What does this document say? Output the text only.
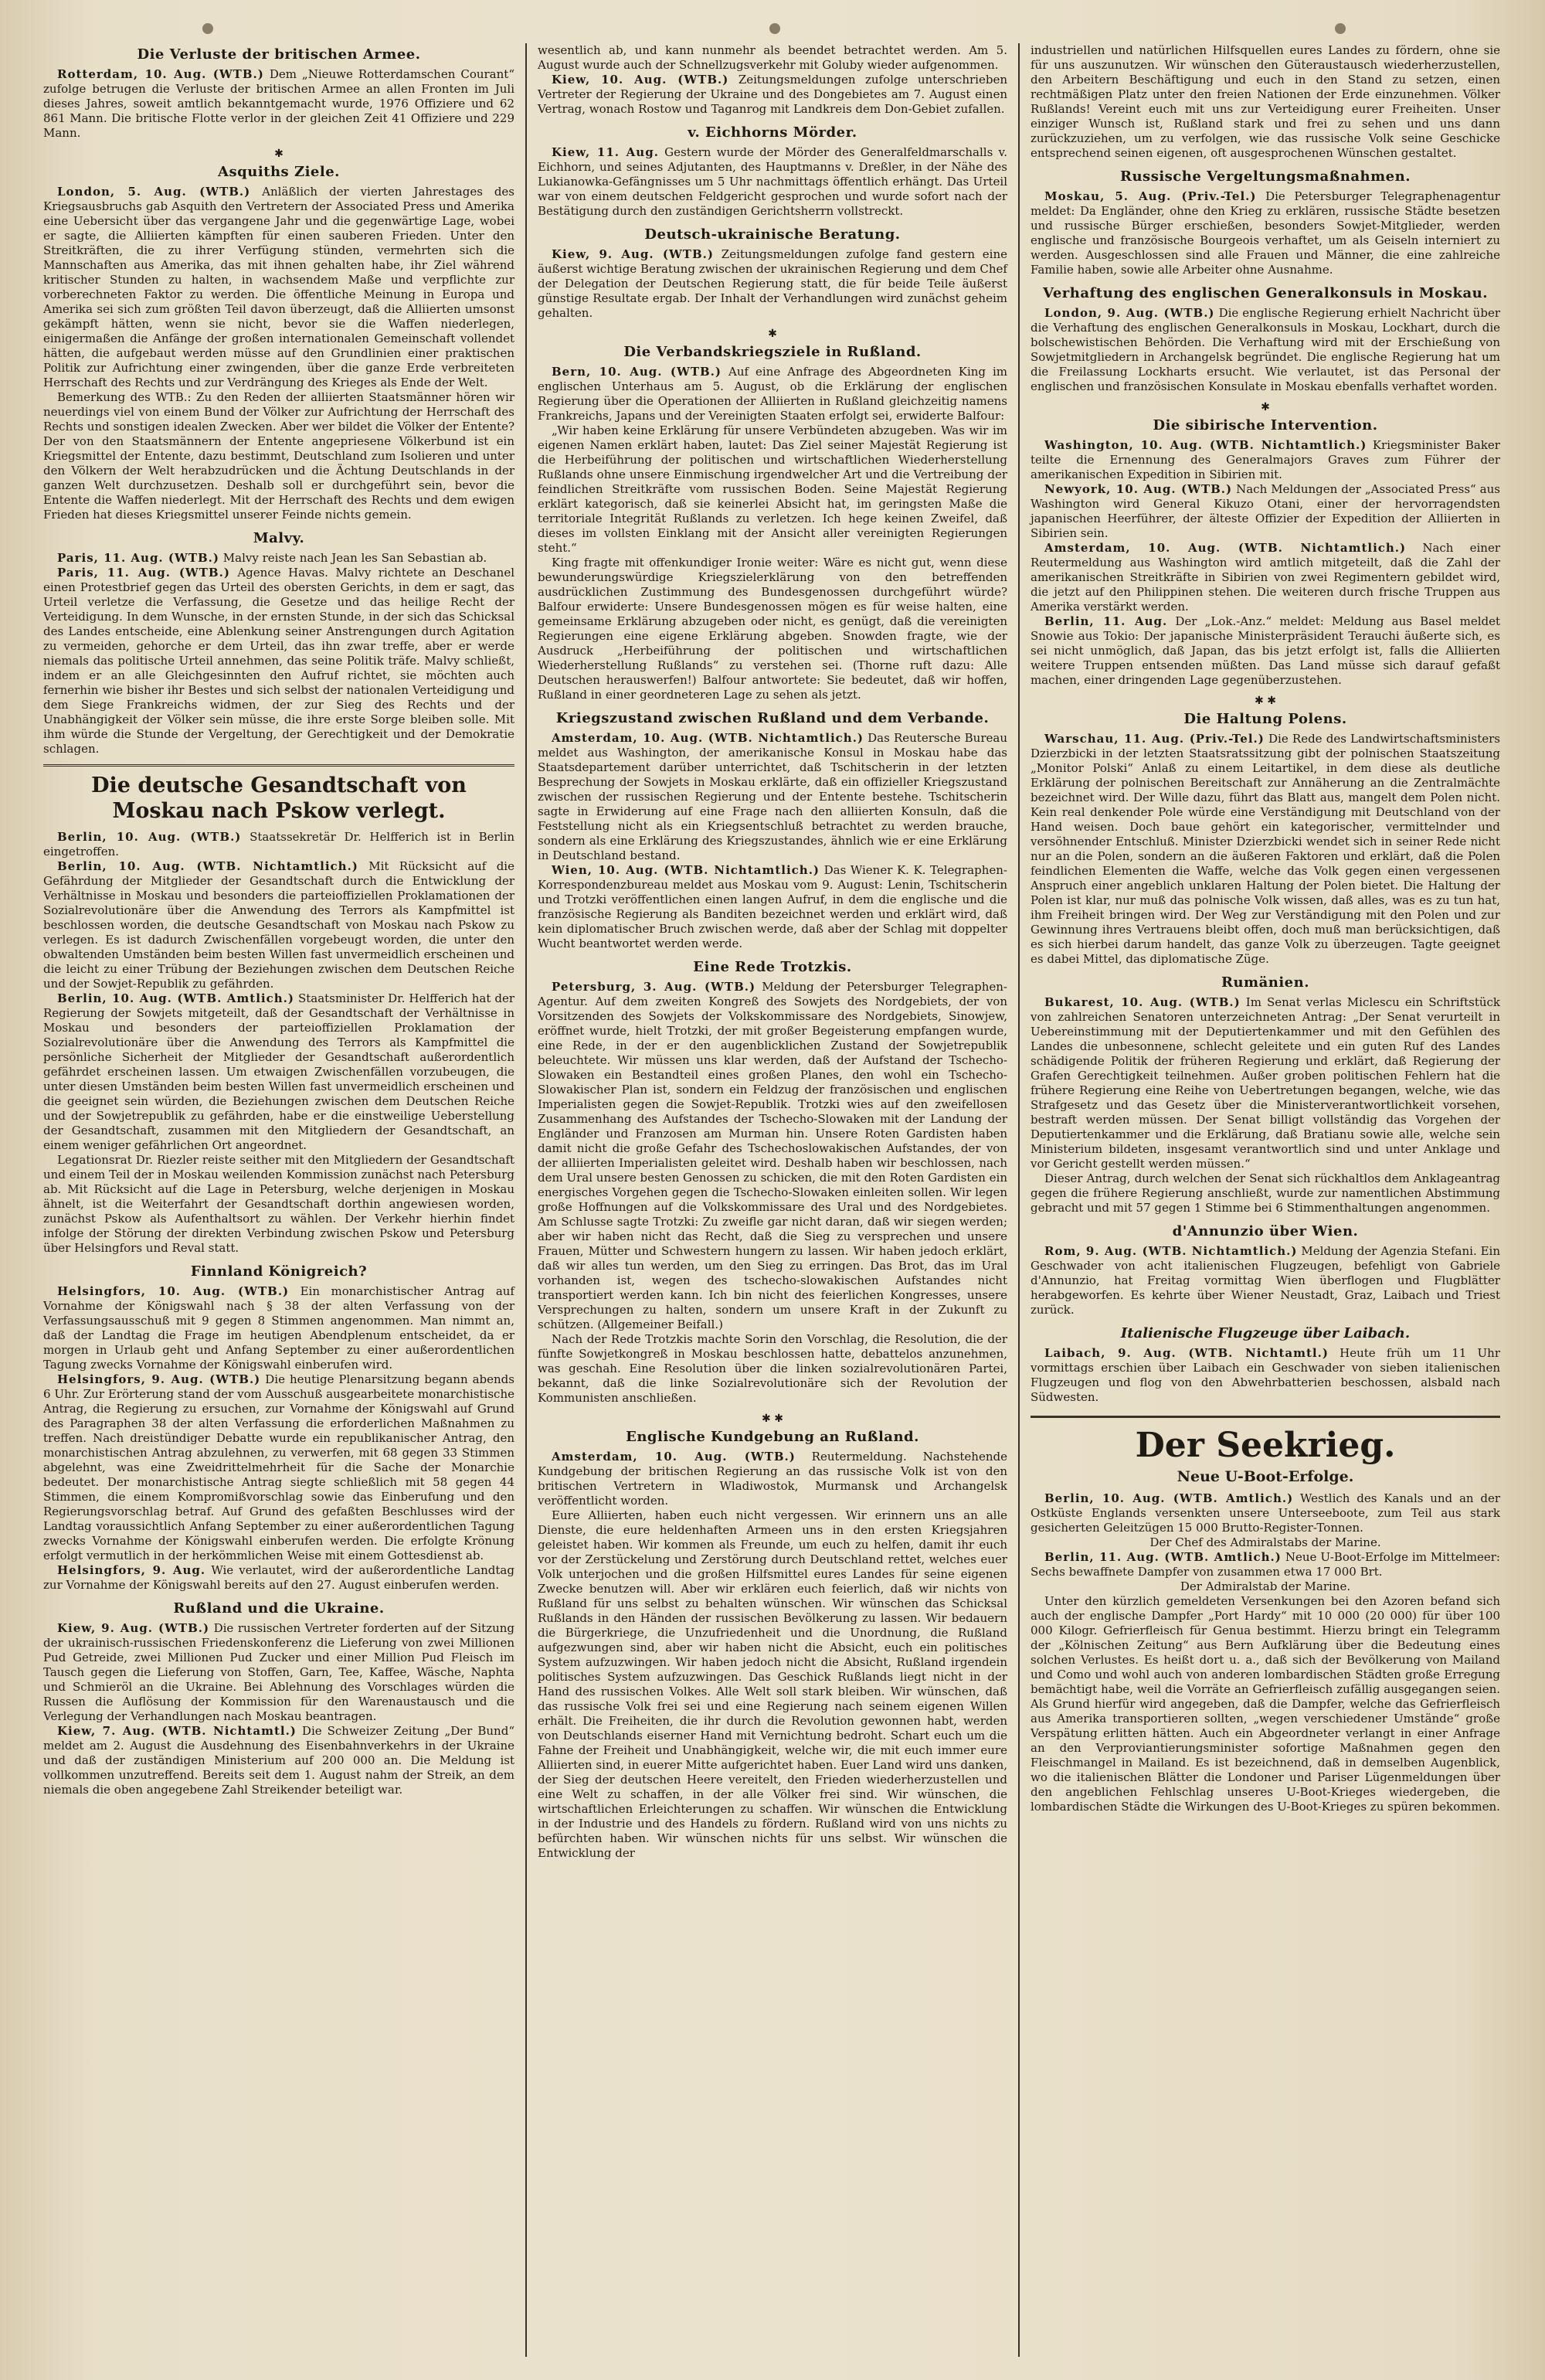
Die Verluste der britischen Armee.

Rotterdam, 10. Aug. (WTB.) Dem „Nieuwe Rotterdamschen Courant“ zufolge betrugen die Verluste der britischen Armee an allen Fronten im Juli dieses Jahres, soweit amtlich bekanntgemacht wurde, 1976 Offiziere und 62 861 Mann. Die britische Flotte verlor in der gleichen Zeit 41 Offiziere und 229 Mann.

✱
Asquiths Ziele.

London, 5. Aug. (WTB.) Anläßlich der vierten Jahrestages des Kriegsausbruchs gab Asquith den Vertretern der Associated Press und Amerika eine Uebersicht über das vergangene Jahr und die gegenwärtige Lage, wobei er sagte, die Alliierten kämpften für einen sauberen Frieden. Unter den Streitkräften, die zu ihrer Verfügung stünden, vermehrten sich die Mannschaften aus Amerika, das mit ihnen gehalten habe, ihr Ziel während kritischer Stunden zu halten, in wachsendem Maße und verpflichte zur vorberechneten Faktor zu werden. Die öffentliche Meinung in Europa und Amerika sei sich zum größten Teil davon überzeugt, daß die Alliierten umsonst gekämpft hätten, wenn sie nicht, bevor sie die Waffen niederlegen, einigermaßen die Anfänge der großen internationalen Gemeinschaft vollendet hätten, die aufgebaut werden müsse auf den Grundlinien einer praktischen Politik zur Aufrichtung einer zwingenden, über die ganze Erde verbreiteten Herrschaft des Rechts und zur Verdrängung des Krieges als Ende der Welt.

Bemerkung des WTB.: Zu den Reden der alliierten Staatsmänner hören wir neuerdings viel von einem Bund der Völker zur Aufrichtung der Herrschaft des Rechts und sonstigen idealen Zwecken. Aber wer bildet die Völker der Entente? Der von den Staatsmännern der Entente angepriesene Völkerbund ist ein Kriegsmittel der Entente, dazu bestimmt, Deutschland zum Isolieren und unter den Völkern der Welt herabzudrücken und die Ächtung Deutschlands in der ganzen Welt durchzusetzen. Deshalb soll er durchgeführt sein, bevor die Entente die Waffen niederlegt. Mit der Herrschaft des Rechts und dem ewigen Frieden hat dieses Kriegsmittel unserer Feinde nichts gemein.

Malvy.

Paris, 11. Aug. (WTB.) Malvy reiste nach Jean les San Sebastian ab.

Paris, 11. Aug. (WTB.) Agence Havas. Malvy richtete an Deschanel einen Protestbrief gegen das Urteil des obersten Gerichts, in dem er sagt, das Urteil verletze die Verfassung, die Gesetze und das heilige Recht der Verteidigung. In dem Wunsche, in der ernsten Stunde, in der sich das Schicksal des Landes entscheide, eine Ablenkung seiner Anstrengungen durch Agitation zu vermeiden, gehorche er dem Urteil, das ihn zwar treffe, aber er werde niemals das politische Urteil annehmen, das seine Politik träfe. Malvy schließt, indem er an alle Gleichgesinnten den Aufruf richtet, sie möchten auch fernerhin wie bisher ihr Bestes und sich selbst der nationalen Verteidigung und dem Siege Frankreichs widmen, der zur Sieg des Rechts und der Unabhängigkeit der Völker sein müsse, die ihre erste Sorge bleiben solle. Mit ihm würde die Stunde der Vergeltung, der Gerechtigkeit und der Demokratie schlagen.

Die deutsche Gesandtschaft von Moskau nach Pskow verlegt.

Berlin, 10. Aug. (WTB.) Staatssekretär Dr. Helfferich ist in Berlin eingetroffen.

Berlin, 10. Aug. (WTB. Nichtamtlich.) Mit Rücksicht auf die Gefährdung der Mitglieder der Gesandtschaft durch die Entwicklung der Verhältnisse in Moskau und besonders die parteioffiziellen Proklamationen der Sozialrevolutionäre über die Anwendung des Terrors als Kampfmittel ist beschlossen worden, die deutsche Gesandtschaft von Moskau nach Pskow zu verlegen. Es ist dadurch Zwischenfällen vorgebeugt worden, die unter den obwaltenden Umständen beim besten Willen fast unvermeidlich erscheinen und die leicht zu einer Trübung der Beziehungen zwischen dem Deutschen Reiche und der Sowjet-Republik zu gefährden.

Berlin, 10. Aug. (WTB. Amtlich.) Staatsminister Dr. Helfferich hat der Regierung der Sowjets mitgeteilt, daß der Gesandtschaft der Verhältnisse in Moskau und besonders der parteioffiziellen Proklamation der Sozialrevolutionäre über die Anwendung des Terrors als Kampfmittel die persönliche Sicherheit der Mitglieder der Gesandtschaft außerordentlich gefährdet erscheinen lassen. Um etwaigen Zwischenfällen vorzubeugen, die unter diesen Umständen beim besten Willen fast unvermeidlich erscheinen und die geeignet sein würden, die Beziehungen zwischen dem Deutschen Reiche und der Sowjetrepublik zu gefährden, habe er die einstweilige Ueberstellung der Gesandtschaft, zusammen mit den Mitgliedern der Gesandtschaft, an einem weniger gefährlichen Ort angeordnet.

Legationsrat Dr. Riezler reiste seither mit den Mitgliedern der Gesandtschaft und einem Teil der in Moskau weilenden Kommission zunächst nach Petersburg ab. Mit Rücksicht auf die Lage in Petersburg, welche derjenigen in Moskau ähnelt, ist die Weiterfahrt der Gesandtschaft dorthin angewiesen worden, zunächst Pskow als Aufenthaltsort zu wählen. Der Verkehr hierhin findet infolge der Störung der direkten Verbindung zwischen Pskow und Petersburg über Helsingfors und Reval statt.

Finnland Königreich?

Helsingfors, 10. Aug. (WTB.) Ein monarchistischer Antrag auf Vornahme der Königswahl nach § 38 der alten Verfassung von der Verfassungsausschuß mit 9 gegen 8 Stimmen angenommen. Man nimmt an, daß der Landtag die Frage im heutigen Abendplenum entscheidet, da er morgen in Urlaub geht und Anfang September zu einer außerordentlichen Tagung zwecks Vornahme der Königswahl einberufen wird.

Helsingfors, 9. Aug. (WTB.) Die heutige Plenarsitzung begann abends 6 Uhr. Zur Erörterung stand der vom Ausschuß ausgearbeitete monarchistische Antrag, die Regierung zu ersuchen, zur Vornahme der Königswahl auf Grund des Paragraphen 38 der alten Verfassung die erforderlichen Maßnahmen zu treffen. Nach dreistündiger Debatte wurde ein republikanischer Antrag, den monarchistischen Antrag abzulehnen, zu verwerfen, mit 68 gegen 33 Stimmen abgelehnt, was eine Zweidrittelmehrheit für die Sache der Monarchie bedeutet. Der monarchistische Antrag siegte schließlich mit 58 gegen 44 Stimmen, die einem Kompromißvorschlag sowie das Einberufung und den Regierungsvorschlag betraf. Auf Grund des gefaßten Beschlusses wird der Landtag voraussichtlich Anfang September zu einer außerordentlichen Tagung zwecks Vornahme der Königswahl einberufen werden. Die erfolgte Krönung erfolgt vermutlich in der herkömmlichen Weise mit einem Gottesdienst ab.

Helsingfors, 9. Aug. Wie verlautet, wird der außerordentliche Landtag zur Vornahme der Königswahl bereits auf den 27. August einberufen werden.

Rußland und die Ukraine.

Kiew, 9. Aug. (WTB.) Die russischen Vertreter forderten auf der Sitzung der ukrainisch-russischen Friedenskonferenz die Lieferung von zwei Millionen Pud Getreide, zwei Millionen Pud Zucker und einer Million Pud Fleisch im Tausch gegen die Lieferung von Stoffen, Garn, Tee, Kaffee, Wäsche, Naphta und Schmieröl an die Ukraine. Bei Ablehnung des Vorschlages würden die Russen die Auflösung der Kommission für den Warenaustausch und die Verlegung der Verhandlungen nach Moskau beantragen.

Kiew, 7. Aug. (WTB. Nichtamtl.) Die Schweizer Zeitung „Der Bund“ meldet am 2. August die Ausdehnung des Eisenbahnverkehrs in der Ukraine und daß der zuständigen Ministerium auf 200 000 an. Die Meldung ist vollkommen unzutreffend. Bereits seit dem 1. August nahm der Streik, an dem niemals die oben angegebene Zahl Streikender beteiligt war.

wesentlich ab, und kann nunmehr als beendet betrachtet werden. Am 5. August wurde auch der Schnellzugsverkehr mit Goluby wieder aufgenommen.

Kiew, 10. Aug. (WTB.) Zeitungsmeldungen zufolge unterschrieben Vertreter der Regierung der Ukraine und des Dongebietes am 7. August einen Vertrag, wonach Rostow und Taganrog mit Landkreis dem Don-Gebiet zufallen.

v. Eichhorns Mörder.

Kiew, 11. Aug. Gestern wurde der Mörder des Generalfeldmarschalls v. Eichhorn, und seines Adjutanten, des Hauptmanns v. Dreßler, in der Nähe des Lukianowka-Gefängnisses um 5 Uhr nachmittags öffentlich erhängt. Das Urteil war von einem deutschen Feldgericht gesprochen und wurde sofort nach der Bestätigung durch den zuständigen Gerichtsherrn vollstreckt.

Deutsch-ukrainische Beratung.

Kiew, 9. Aug. (WTB.) Zeitungsmeldungen zufolge fand gestern eine äußerst wichtige Beratung zwischen der ukrainischen Regierung und dem Chef der Delegation der Deutschen Regierung statt, die für beide Teile äußerst günstige Resultate ergab. Der Inhalt der Verhandlungen wird zunächst geheim gehalten.

✱
Die Verbandskriegsziele in Rußland.

Bern, 10. Aug. (WTB.) Auf eine Anfrage des Abgeordneten King im englischen Unterhaus am 5. August, ob die Erklärung der englischen Regierung über die Operationen der Alliierten in Rußland gleichzeitig namens Frankreichs, Japans und der Vereinigten Staaten erfolgt sei, erwiderte Balfour:

„Wir haben keine Erklärung für unsere Verbündeten abzugeben. Was wir im eigenen Namen erklärt haben, lautet: Das Ziel seiner Majestät Regierung ist die Herbeiführung der politischen und wirtschaftlichen Wiederherstellung Rußlands ohne unsere Einmischung irgendwelcher Art und die Vertreibung der feindlichen Streitkräfte vom russischen Boden. Seine Majestät Regierung erklärt kategorisch, daß sie keinerlei Absicht hat, im geringsten Maße die territoriale Integrität Rußlands zu verletzen. Ich hege keinen Zweifel, daß dieses im vollsten Einklang mit der Ansicht aller vereinigten Regierungen steht.“

King fragte mit offenkundiger Ironie weiter: Wäre es nicht gut, wenn diese bewunderungswürdige Kriegszielerklärung von den betreffenden ausdrücklichen Zustimmung des Bundesgenossen durchgeführt würde? Balfour erwiderte: Unsere Bundesgenossen mögen es für weise halten, eine gemeinsame Erklärung abzugeben oder nicht, es genügt, daß die vereinigten Regierungen eine eigene Erklärung abgeben. Snowden fragte, wie der Ausdruck „Herbeiführung der politischen und wirtschaftlichen Wiederherstellung Rußlands“ zu verstehen sei. (Thorne ruft dazu: Alle Deutschen herauswerfen!) Balfour antwortete: Sie bedeutet, daß wir hoffen, Rußland in einer geordneteren Lage zu sehen als jetzt.

Kriegszustand zwischen Rußland und dem Verbande.

Amsterdam, 10. Aug. (WTB. Nichtamtlich.) Das Reutersche Bureau meldet aus Washington, der amerikanische Konsul in Moskau habe das Staatsdepartement darüber unterrichtet, daß Tschitscherin in der letzten Besprechung der Sowjets in Moskau erklärte, daß ein offizieller Kriegszustand zwischen der russischen Regierung und der Entente bestehe. Tschitscherin sagte in Erwiderung auf eine Frage nach den alliierten Konsuln, daß die Feststellung nicht als ein Kriegsentschluß betrachtet zu werden brauche, sondern als eine Erklärung des Kriegszustandes, ähnlich wie er eine Erklärung in Deutschland bestand.

Wien, 10. Aug. (WTB. Nichtamtlich.) Das Wiener K. K. Telegraphen-Korrespondenzbureau meldet aus Moskau vom 9. August: Lenin, Tschitscherin und Trotzki veröffentlichen einen langen Aufruf, in dem die englische und die französische Regierung als Banditen bezeichnet werden und erklärt wird, daß kein diplomatischer Bruch zwischen werde, daß aber der Schlag mit doppelter Wucht beantwortet werden werde.

Eine Rede Trotzkis.

Petersburg, 3. Aug. (WTB.) Meldung der Petersburger Telegraphen-Agentur. Auf dem zweiten Kongreß des Sowjets des Nordgebiets, der von Vorsitzenden des Sowjets der Volkskommissare des Nordgebiets, Sinowjew, eröffnet wurde, hielt Trotzki, der mit großer Begeisterung empfangen wurde, eine Rede, in der er den augenblicklichen Zustand der Sowjetrepublik beleuchtete. Wir müssen uns klar werden, daß der Aufstand der Tschecho-Slowaken ein Bestandteil eines großen Planes, den wohl ein Tschecho-Slowakischer Plan ist, sondern ein Feldzug der französischen und englischen Imperialisten gegen die Sowjet-Republik. Trotzki wies auf den zweifellosen Zusammenhang des Aufstandes der Tschecho-Slowaken mit der Landung der Engländer und Franzosen am Murman hin. Unsere Roten Gardisten haben damit nicht die große Gefahr des Tschechoslowakischen Aufstandes, der von der alliierten Imperialisten geleitet wird. Deshalb haben wir beschlossen, nach dem Ural unsere besten Genossen zu schicken, die mit den Roten Gardisten ein energisches Vorgehen gegen die Tschecho-Slowaken einleiten sollen. Wir legen große Hoffnungen auf die Volkskommissare des Ural und des Nordgebietes. Am Schlusse sagte Trotzki: Zu zweifle gar nicht daran, daß wir siegen werden; aber wir haben nicht das Recht, daß die Sieg zu versprechen und unsere Frauen, Mütter und Schwestern hungern zu lassen. Wir haben jedoch erklärt, daß wir alles tun werden, um den Sieg zu erringen. Das Brot, das im Ural vorhanden ist, wegen des tschecho-slowakischen Aufstandes nicht transportiert werden kann. Ich bin nicht des feierlichen Kongresses, unsere Versprechungen zu halten, sondern um unsere Kraft in der Zukunft zu schützen. (Allgemeiner Beifall.)

Nach der Rede Trotzkis machte Sorin den Vorschlag, die Resolution, die der fünfte Sowjetkongreß in Moskau beschlossen hatte, debattelos anzunehmen, was geschah. Eine Resolution über die linken sozialrevolutionären Partei, bekannt, daß die linke Sozialrevolutionäre sich der Revolution der Kommunisten anschließen.

✱ ✱
Englische Kundgebung an Rußland.

Amsterdam, 10. Aug. (WTB.) Reutermeldung. Nachstehende Kundgebung der britischen Regierung an das russische Volk ist von den britischen Vertretern in Wladiwostok, Murmansk und Archangelsk veröffentlicht worden.

Eure Alliierten, haben euch nicht vergessen. Wir erinnern uns an alle Dienste, die eure heldenhaften Armeen uns in den ersten Kriegsjahren geleistet haben. Wir kommen als Freunde, um euch zu helfen, damit ihr euch vor der Zerstückelung und Zerstörung durch Deutschland rettet, welches euer Volk unterjochen und die großen Hilfsmittel eures Landes für seine eigenen Zwecke benutzen will. Aber wir erklären euch feierlich, daß wir nichts von Rußland für uns selbst zu behalten wünschen. Wir wünschen das Schicksal Rußlands in den Händen der russischen Bevölkerung zu lassen. Wir bedauern die Bürgerkriege, die Unzufriedenheit und die Unordnung, die Rußland aufgezwungen sind, aber wir haben nicht die Absicht, euch ein politisches System aufzuzwingen. Wir haben jedoch nicht die Absicht, Rußland irgendein politisches System aufzuzwingen. Das Geschick Rußlands liegt nicht in der Hand des russischen Volkes. Alle Welt soll stark bleiben. Wir wünschen, daß das russische Volk frei sei und eine Regierung nach seinem eigenen Willen erhält. Die Freiheiten, die ihr durch die Revolution gewonnen habt, werden von Deutschlands eiserner Hand mit Vernichtung bedroht. Schart euch um die Fahne der Freiheit und Unabhängigkeit, welche wir, die mit euch immer eure Alliierten sind, in euerer Mitte aufgerichtet haben. Euer Land wird uns danken, der Sieg der deutschen Heere vereitelt, den Frieden wiederherzustellen und eine Welt zu schaffen, in der alle Völker frei sind. Wir wünschen, die wirtschaftlichen Erleichterungen zu schaffen. Wir wünschen die Entwicklung in der Industrie und des Handels zu fördern. Rußland wird von uns nichts zu befürchten haben. Wir wünschen nichts für uns selbst. Wir wünschen die Entwicklung der

industriellen und natürlichen Hilfsquellen eures Landes zu fördern, ohne sie für uns auszunutzen. Wir wünschen den Güteraustausch wiederherzustellen, den Arbeitern Beschäftigung und euch in den Stand zu setzen, einen rechtmäßigen Platz unter den freien Nationen der Erde einzunehmen. Völker Rußlands! Vereint euch mit uns zur Verteidigung eurer Freiheiten. Unser einziger Wunsch ist, Rußland stark und frei zu sehen und uns dann zurückzuziehen, um zu verfolgen, wie das russische Volk seine Geschicke entsprechend seinen eigenen, oft ausgesprochenen Wünschen gestaltet.

Russische Vergeltungsmaßnahmen.

Moskau, 5. Aug. (Priv.-Tel.) Die Petersburger Telegraphenagentur meldet: Da Engländer, ohne den Krieg zu erklären, russische Städte besetzen und russische Bürger erschießen, besonders Sowjet-Mitglieder, werden englische und französische Bourgeois verhaftet, um als Geiseln interniert zu werden. Ausgeschlossen sind alle Frauen und Männer, die eine zahlreiche Familie haben, sowie alle Arbeiter ohne Ausnahme.

Verhaftung des englischen Generalkonsuls in Moskau.

London, 9. Aug. (WTB.) Die englische Regierung erhielt Nachricht über die Verhaftung des englischen Generalkonsuls in Moskau, Lockhart, durch die bolschewistischen Behörden. Die Verhaftung wird mit der Erschießung von Sowjetmitgliedern in Archangelsk begründet. Die englische Regierung hat um die Freilassung Lockharts ersucht. Wie verlautet, ist das Personal der englischen und französischen Konsulate in Moskau ebenfalls verhaftet worden.

✱
Die sibirische Intervention.

Washington, 10. Aug. (WTB. Nichtamtlich.) Kriegsminister Baker teilte die Ernennung des Generalmajors Graves zum Führer der amerikanischen Expedition in Sibirien mit.

Newyork, 10. Aug. (WTB.) Nach Meldungen der „Associated Press“ aus Washington wird General Kikuzo Otani, einer der hervorragendsten japanischen Heerführer, der älteste Offizier der Expedition der Alliierten in Sibirien sein.

Amsterdam, 10. Aug. (WTB. Nichtamtlich.) Nach einer Reutermeldung aus Washington wird amtlich mitgeteilt, daß die Zahl der amerikanischen Streitkräfte in Sibirien von zwei Regimentern gebildet wird, die jetzt auf den Philippinen stehen. Die weiteren durch frische Truppen aus Amerika verstärkt werden.

Berlin, 11. Aug. Der „Lok.-Anz.“ meldet: Meldung aus Basel meldet Snowie aus Tokio: Der japanische Ministerpräsident Terauchi äußerte sich, es sei nicht unmöglich, daß Japan, das bis jetzt erfolgt ist, falls die Alliierten weitere Truppen entsenden müßten. Das Land müsse sich darauf gefaßt machen, einer dringenden Lage gegenüberzustehen.

✱ ✱
Die Haltung Polens.

Warschau, 11. Aug. (Priv.-Tel.) Die Rede des Landwirtschaftsministers Dzierzbicki in der letzten Staatsratssitzung gibt der polnischen Staatszeitung „Monitor Polski“ Anlaß zu einem Leitartikel, in dem diese als deutliche Erklärung der polnischen Bereitschaft zur Annäherung an die Zentralmächte bezeichnet wird. Der Wille dazu, führt das Blatt aus, mangelt dem Polen nicht. Kein real denkender Pole würde eine Verständigung mit Deutschland von der Hand weisen. Doch baue gehört ein kategorischer, vermittelnder und versöhnender Entschluß. Minister Dzierzbicki wendet sich in seiner Rede nicht nur an die Polen, sondern an die äußeren Faktoren und erklärt, daß die Polen feindlichen Elementen die Waffe, welche das Volk gegen einen vergessenen Anspruch einer angeblich unklaren Haltung der Polen bietet. Die Haltung der Polen ist klar, nur muß das polnische Volk wissen, daß alles, was es zu tun hat, ihm Freiheit bringen wird. Der Weg zur Verständigung mit den Polen und zur Gewinnung ihres Vertrauens bleibt offen, doch muß man berücksichtigen, daß es sich hierbei darum handelt, das ganze Volk zu überzeugen. Tagte geeignet es dabei Mittel, das diplomatische Züge.

Rumänien.

Bukarest, 10. Aug. (WTB.) Im Senat verlas Miclescu ein Schriftstück von zahlreichen Senatoren unterzeichneten Antrag: „Der Senat verurteilt in Uebereinstimmung mit der Deputiertenkammer und mit den Gefühlen des Landes die unbesonnene, schlecht geleitete und ein guten Ruf des Landes schädigende Politik der früheren Regierung und erklärt, daß Regierung der Grafen Gerechtigkeit teilnehmen. Außer groben politischen Fehlern hat die frühere Regierung eine Reihe von Uebertretungen begangen, welche, wie das Strafgesetz und das Gesetz über die Ministerverantwortlichkeit vorsehen, bestraft werden müssen. Der Senat billigt vollständig das Vorgehen der Deputiertenkammer und die Erklärung, daß Bratianu sowie alle, welche sein Ministerium bildeten, insgesamt verantwortlich sind und unter Anklage und vor Gericht gestellt werden müssen.“

Dieser Antrag, durch welchen der Senat sich rückhaltlos dem Anklageantrag gegen die frühere Regierung anschließt, wurde zur namentlichen Abstimmung gebracht und mit 57 gegen 1 Stimme bei 6 Stimmenthaltungen angenommen.

d'Annunzio über Wien.

Rom, 9. Aug. (WTB. Nichtamtlich.) Meldung der Agenzia Stefani. Ein Geschwader von acht italienischen Flugzeugen, befehligt von Gabriele d'Annunzio, hat Freitag vormittag Wien überflogen und Flugblätter herabgeworfen. Es kehrte über Wiener Neustadt, Graz, Laibach und Triest zurück.

Italienische Flugzeuge über Laibach.

Laibach, 9. Aug. (WTB. Nichtamtl.) Heute früh um 11 Uhr vormittags erschien über Laibach ein Geschwader von sieben italienischen Flugzeugen und flog von den Abwehrbatterien beschossen, alsbald nach Südwesten.

Der Seekrieg.
Neue U-Boot-Erfolge.

Berlin, 10. Aug. (WTB. Amtlich.) Westlich des Kanals und an der Ostküste Englands versenkten unsere Unterseeboote, zum Teil aus stark gesicherten Geleitzügen 15 000 Brutto-Register-Tonnen.

Der Chef des Admiralstabs der Marine.

Berlin, 11. Aug. (WTB. Amtlich.) Neue U-Boot-Erfolge im Mittelmeer: Sechs bewaffnete Dampfer von zusammen etwa 17 000 Brt.

Der Admiralstab der Marine.

Unter den kürzlich gemeldeten Versenkungen bei den Azoren befand sich auch der englische Dampfer „Port Hardy“ mit 10 000 (20 000) für über 100 000 Kilogr. Gefrierfleisch für Genua bestimmt. Hierzu bringt ein Telegramm der „Kölnischen Zeitung“ aus Bern Aufklärung über die Bedeutung eines solchen Verlustes. Es heißt dort u. a., daß sich der Bevölkerung von Mailand und Como und wohl auch von anderen lombardischen Städten große Erregung bemächtigt habe, weil die Vorräte an Gefrierfleisch zufällig ausgegangen seien. Als Grund hierfür wird angegeben, daß die Dampfer, welche das Gefrierfleisch aus Amerika transportieren sollten, „wegen verschiedener Umstände“ große Verspätung erlitten hätten. Auch ein Abgeordneter verlangt in einer Anfrage an den Verproviantierungsminister sofortige Maßnahmen gegen den Fleischmangel in Mailand. Es ist bezeichnend, daß in demselben Augenblick, wo die italienischen Blätter die Londoner und Pariser Lügenmeldungen über den angeblichen Fehlschlag unseres U-Boot-Krieges wiedergeben, die lombardischen Städte die Wirkungen des U-Boot-Krieges zu spüren bekommen.
